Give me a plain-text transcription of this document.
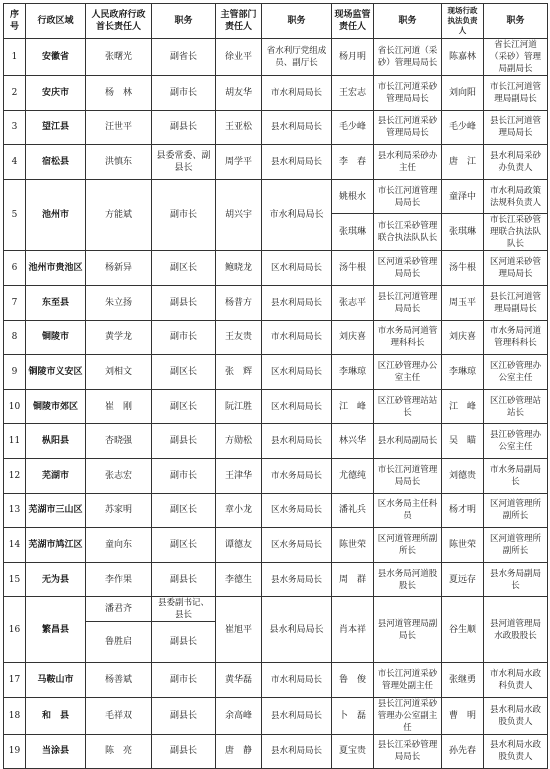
序号	行政区域	人民政府行政首长责任人	职务	主管部门责任人	职务	现场监管责任人	职务	现场行政执法负责人	职务
1	安徽省	张曙光	副省长	徐业平	省水利厅党组成员、副厅长	杨月明	省长江河道（采砂）管理局局长	陈嘉林	省长江河道（采砂）管理局副局长
2	安庆市	杨　林	副市长	胡友华	市水利局局长	王宏志	市长江河道采砂管理局局长	刘向阳	市长江河道管理局副局长
3	望江县	汪世平	副县长	王亚松	县水利局局长	毛少峰	县长江河道采砂管理局局长	毛少峰	县长江河道管理局局长
4	宿松县	洪慎东	县委常委、副县长	周学平	县水利局局长	李　春	县水利局采砂办主任	唐　江	县水利局采砂办负责人
5	池州市	方能斌	副市长	胡兴宇	市水利局局长	姚根水	市长江河道管理局局长	童泽中	市水利局政策法规科负责人
						张琪琳	市长江采砂管理联合执法队队长	张琪琳	市长江采砂管理联合执法队队长
6	池州市贵池区	杨新异	副区长	鲍晓龙	区水利局局长	汤牛根	区河道采砂管理局局长	汤牛根	区河道采砂管理局局长
7	东至县	朱立扬	副县长	杨普方	县水利局局长	张志平	县长江河道管理局局长	周玉平	县长江河道管理局副局长
8	铜陵市	黄学龙	副市长	王友贵	市水利局局长	刘庆喜	市水务局河道管理科科长	刘庆喜	市水务局河道管理科科长
9	铜陵市义安区	刘相文	副区长	张　辉	区水利局局长	李琳琼	区江砂管理办公室主任	李琳琼	区江砂管理办公室主任
10	铜陵市郊区	崔　刚	副区长	阮江胜	区水利局局长	江　峰	区江砂管理站站长	江　峰	区江砂管理站站长
11	枞阳县	杏晓强	副县长	方勋松	县水利局局长	林兴华	县水利局副局长	吴　瞄	县江砂管理办公室主任
12	芜湖市	张志宏	副市长	王津华	市水务局局长	尤德纯	市长江河道管理局局长	刘德贵	市水务局副局长
13	芜湖市三山区	苏家明	副区长	章小龙	区水务局局长	潘礼兵	区水务局主任科员	杨才明	区河道管理所副所长
14	芜湖市鸠江区	童向东	副区长	谭德友	区水务局局长	陈世荣	区河道管理所副所长	陈世荣	区河道管理所副所长
15	无为县	李作果	副县长	李德生	县水务局局长	周　群	县水务局河道股股长	夏远存	县水务局副局长
16	繁昌县	潘君齐	县委副书记、县长	崔旭平	县水利局局长	肖本祥	县河道管理局副局长	谷生顺	县河道管理局水政股股长
		鲁胜启	副县长						
17	马鞍山市	杨善斌	副市长	黄华磊	市水利局局长	鲁　俊	市长江河道采砂管理处副主任	张继勇	市水利局水政科负责人
18	和　县	毛祥双	副县长	余高峰	县水利局局长	卜　磊	县长江河道采砂管理办公室副主任	曹　明	县水利局水政股负责人
19	当涂县	陈　亮	副县长	唐　静	县水利局局长	夏宝贵	县长江采砂管理局局长	孙先春	县水利局水政股负责人
